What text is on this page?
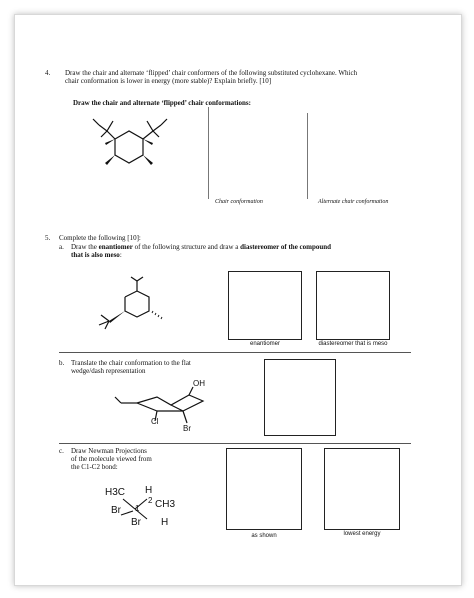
4. Draw the chair and alternate ‘flipped’ chair conformers of the following substituted cyclohexane. Which
chair conformation is lower in energy (more stable)? Explain briefly. [10]
Draw the chair and alternate ‘flipped’ chair conformations:
Chair conformation	Alternate chair conformation
5. Complete the following [10]:
a. Draw the enantiomer of the following structure and draw a diastereomer of the compound
that is also meso:
enantiomer	diastereomer that is meso
b. Translate the chair conformation to the flat
wedge/dash representation
OH
Cl
Br
c. Draw Newman Projections
of the molecule viewed from
the C1-C2 bond:
H3C H
CH3
2
Br 1
Br H
as shown	lowest energy
